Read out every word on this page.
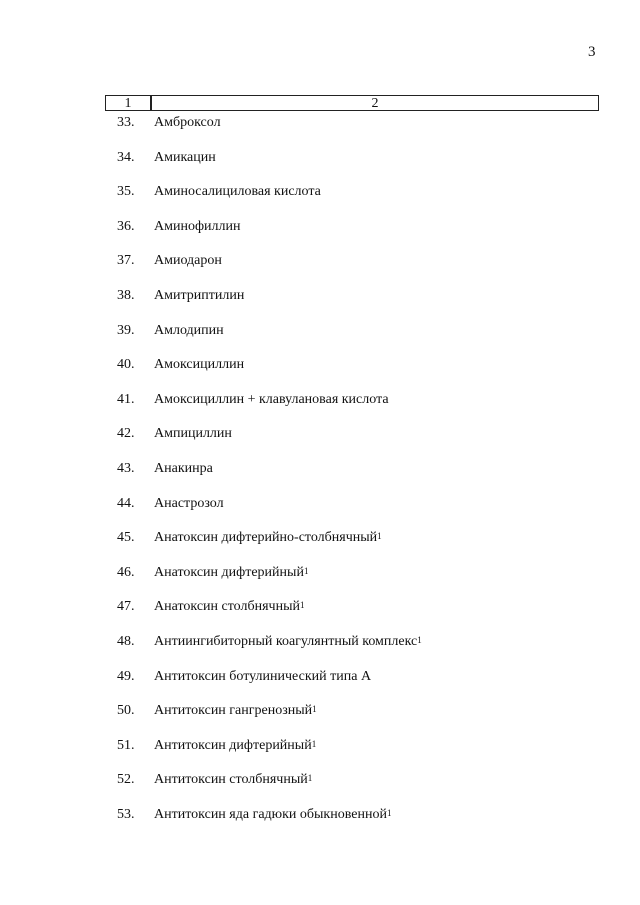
3
1	2
33. Амброксол
34. Амикацин
35. Аминосалициловая кислота
36. Аминофиллин
37. Амиодарон
38. Амитриптилин
39. Амлодипин
40. Амоксициллин
41. Амоксициллин + клавулановая кислота
42. Ампициллин
43. Анакинра
44. Анастрозол
45. Анатоксин дифтерийно-столбнячный$^1$
46. Анатоксин дифтерийный$^1$
47. Анатоксин столбнячный$^1$
48. Антиингибиторный коагулянтный комплекс$^1$
49. Антитоксин ботулинический типа А
50. Антитоксин гангренозный$^1$
51. Антитоксин дифтерийный$^1$
52. Антитоксин столбнячный$^1$
53. Антитоксин яда гадюки обыкновенной$^1$
